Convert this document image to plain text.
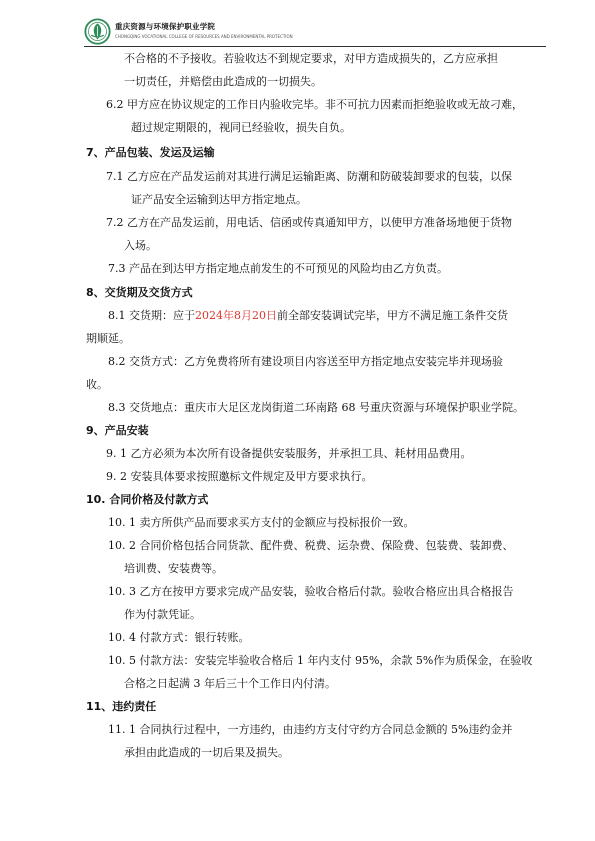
重庆资源与环境保护职业学院
CHONGQING VOCATIONAL COLLEGE OF RESOURCES AND ENVIRONMENTAL PROTECTION
不合格的不予接收。若验收达不到规定要求，对甲方造成损失的，乙方应承担
一切责任，并赔偿由此造成的一切损失。
6.2 甲方应在协议规定的工作日内验收完毕。非不可抗力因素而拒绝验收或无故刁难，
超过规定期限的，视同已经验收，损失自负。
7、产品包装、发运及运输
7.1 乙方应在产品发运前对其进行满足运输距离、防潮和防破装卸要求的包装，以保
证产品安全运输到达甲方指定地点。
7.2 乙方在产品发运前，用电话、信函或传真通知甲方，以使甲方准备场地便于货物
入场。
7.3 产品在到达甲方指定地点前发生的不可预见的风险均由乙方负责。
8、交货期及交货方式
8.1 交货期：应于2024年8月20日前全部安装调试完毕，甲方不满足施工条件交货
期顺延。
8.2 交货方式：乙方免费将所有建设项目内容送至甲方指定地点安装完毕并现场验
收。
8.3 交货地点：重庆市大足区龙岗街道二环南路 68 号重庆资源与环境保护职业学院。
9、产品安装
9. 1 乙方必须为本次所有设备提供安装服务，并承担工具、耗材用品费用。
9. 2 安装具体要求按照邀标文件规定及甲方要求执行。
10. 合同价格及付款方式
10. 1 卖方所供产品而要求买方支付的金额应与投标报价一致。
10. 2 合同价格包括合同货款、配件费、税费、运杂费、保险费、包装费、装卸费、
培训费、安装费等。
10. 3 乙方在按甲方要求完成产品安装，验收合格后付款。验收合格应出具合格报告
作为付款凭证。
10. 4 付款方式：银行转账。
10. 5 付款方法：安装完毕验收合格后 1 年内支付 95%，余款 5%作为质保金，在验收
合格之日起满 3 年后三十个工作日内付清。
11、违约责任
11. 1 合同执行过程中，一方违约，由违约方支付守约方合同总金额的 5%违约金并
承担由此造成的一切后果及损失。
